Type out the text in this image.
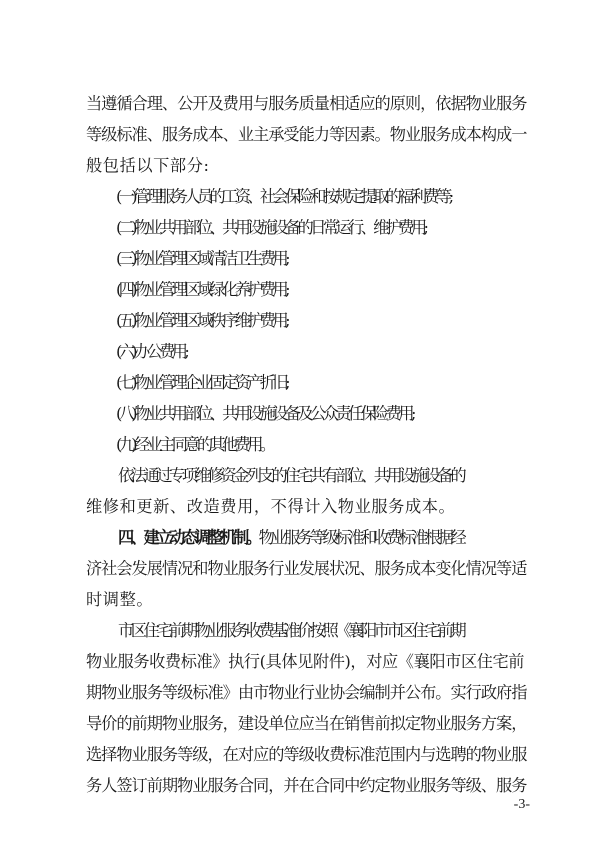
当遵循合理、公开及费用与服务质量相适应的原则，依据物业服务
等级标准、服务成本、业主承受能力等因素。物业服务成本构成一
般包括以下部分:
(一)管理服务人员的工资、社会保险和按规定提取的福利费等;
(二)物业共用部位、共用设施设备的日常运行、维护费用;
(三)物业管理区域清洁卫生费用;
(四)物业管理区域绿化养护费用;
(五)物业管理区域秩序维护费用;
(六)办公费用;
(七)物业管理企业固定资产折旧;
(八)物业共用部位、共用设施设备及公众责任保险费用;
(九)经业主同意的其他费用。
依法通过专项维修资金列支的住宅共有部位、共用设施设备的
维修和更新、改造费用，不得计入物业服务成本。
四、建立动态调整机制。物业服务等级标准和收费标准根据经
济社会发展情况和物业服务行业发展状况、服务成本变化情况等适
时调整。
市区住宅前期物业服务收费基准价按照《襄阳市市区住宅前期
物业服务收费标准》执行(具体见附件)，对应《襄阳市区住宅前
期物业服务等级标准》由市物业行业协会编制并公布。实行政府指
导价的前期物业服务，建设单位应当在销售前拟定物业服务方案，
选择物业服务等级，在对应的等级收费标准范围内与选聘的物业服
务人签订前期物业服务合同，并在合同中约定物业服务等级、服务
-3-
